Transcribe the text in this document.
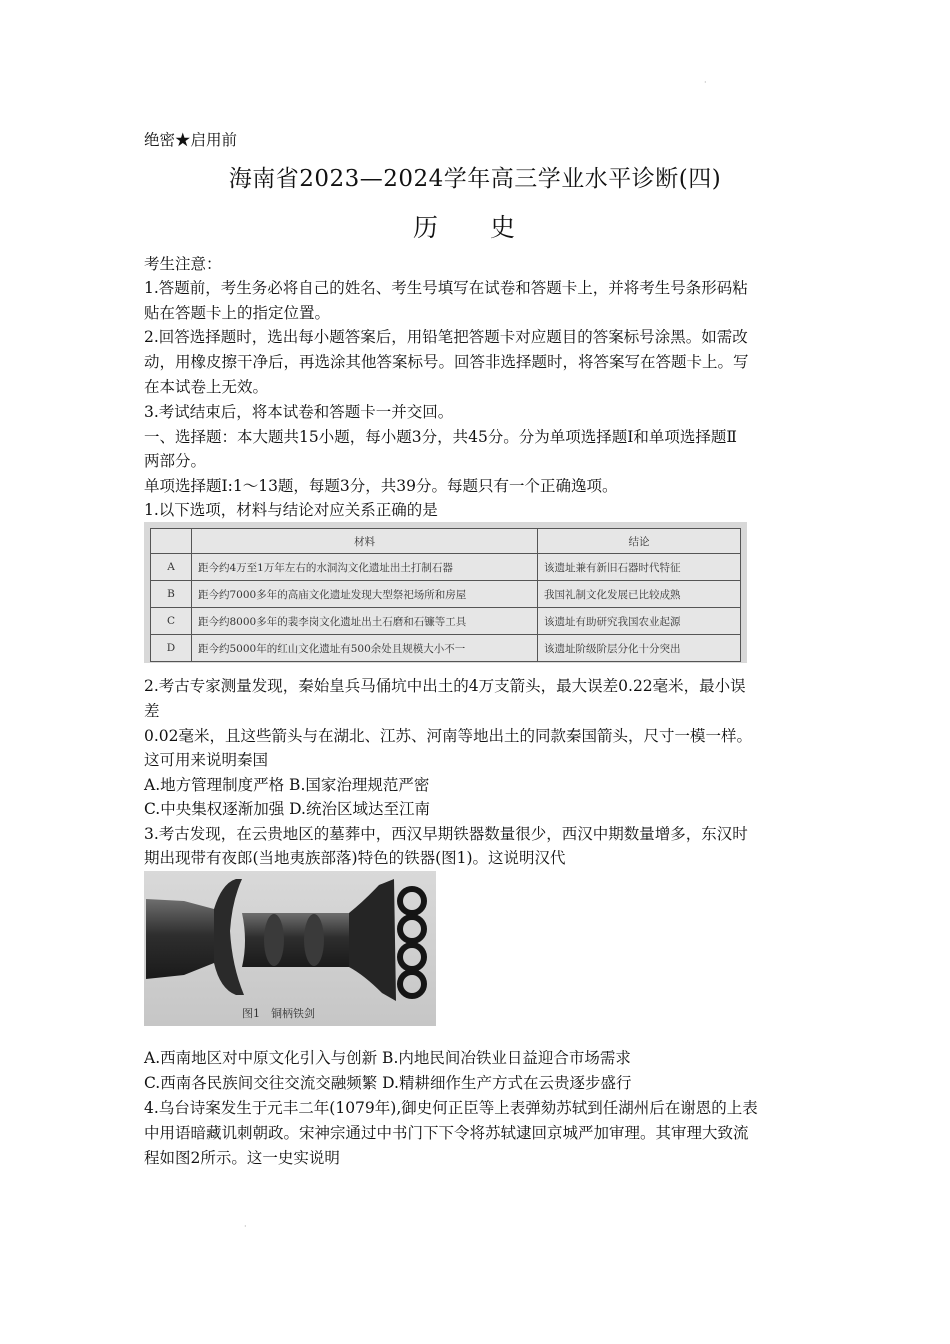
·
·
绝密★启用前
海南省2023—2024学年高三学业水平诊断(四)
历 史
考生注意：
1.答题前，考生务必将自己的姓名、考生号填写在试卷和答题卡上，并将考生号条形码粘
贴在答题卡上的指定位置。
2.回答选择题时，选出每小题答案后，用铅笔把答题卡对应题目的答案标号涂黑。如需改
动，用橡皮擦干净后，再选涂其他答案标号。回答非选择题时，将答案写在答题卡上。写
在本试卷上无效。
3.考试结束后，将本试卷和答题卡一并交回。
一、选择题：本大题共15小题，每小题3分，共45分。分为单项选择题Ⅰ和单项选择题Ⅱ
两部分。
单项选择题Ⅰ:1～13题，每题3分，共39分。每题只有一个正确逸项。
1.以下选项，材料与结论对应关系正确的是
	材料	结论
A	距今约4万至1万年左右的水洞沟文化遗址出土打制石器	该遗址兼有新旧石器时代特征
B	距今约7000多年的高庙文化遗址发现大型祭祀场所和房屋	我国礼制文化发展已比较成熟
C	距今约8000多年的裴李岗文化遗址出土石磨和石镰等工具	该遗址有助研究我国农业起源
D	距今约5000年的红山文化遗址有500余处且规模大小不一	该遗址阶级阶层分化十分突出
2.考古专家测量发现，秦始皇兵马俑坑中出土的4万支箭头，最大误差0.22毫米，最小误
差
0.02毫米，且这些箭头与在湖北、江苏、河南等地出土的同款秦国箭头，尺寸一模一样。
这可用来说明秦国
A.地方管理制度严格 B.国家治理规范严密
C.中央集权逐渐加强 D.统治区域达至江南
3.考古发现，在云贵地区的墓葬中，西汉早期铁器数量很少，西汉中期数量增多，东汉时
期出现带有夜郎(当地夷族部落)特色的铁器(图1)。这说明汉代
图1　铜柄铁剑
A.西南地区对中原文化引入与创新 B.内地民间冶铁业日益迎合市场需求
C.西南各民族间交往交流交融频繁 D.精耕细作生产方式在云贵逐步盛行
4.乌台诗案发生于元丰二年(1079年),御史何正臣等上表弹劾苏轼到任湖州后在谢恩的上表
中用语暗藏讥刺朝政。宋神宗通过中书门下下令将苏轼逮回京城严加审理。其审理大致流
程如图2所示。这一史实说明
